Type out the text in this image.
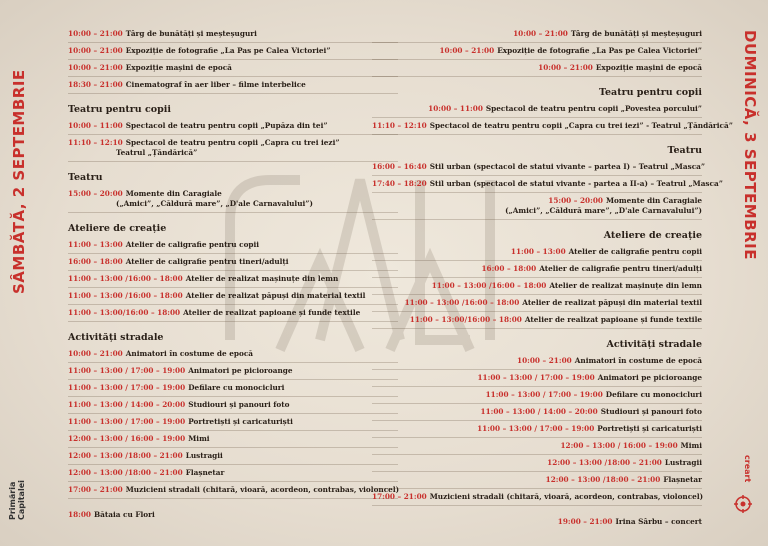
SÂMBĂTĂ, 2 SEPTEMBRIE	DUMINICĂ, 3 SEPTEMBRIE
10:00 – 21:00 Târg de bunătăți și meșteșuguri
10:00 – 21:00 Expoziție de fotografie „La Pas pe Calea Victoriei”
10:00 – 21:00 Expoziție mașini de epocă
18:30 – 21:00 Cinematograf în aer liber – filme interbelice
Teatru pentru copii
10:00 – 11:00 Spectacol de teatru pentru copii „Pupăza din tei”
11:10 – 12:10 Spectacol de teatru pentru copii „Capra cu trei iezi”
Teatrul „Țăndărică”
Teatru
15:00 – 20:00 Momente din Caragiale
(„Amici”, „Căldură mare”, „D'ale Carnavalului”)
Ateliere de creație
11:00 – 13:00 Atelier de caligrafie pentru copii
16:00 – 18:00 Atelier de caligrafie pentru tineri/adulți
11:00 – 13:00 /16:00 – 18:00 Atelier de realizat mașinuțe din lemn
11:00 – 13:00 /16:00 – 18:00 Atelier de realizat păpuși din material textil
11:00 – 13:00/16:00 – 18:00 Atelier de realizat papioane și funde textile
Activități stradale
10:00 – 21:00 Animatori în costume de epocă
11:00 – 13:00 / 17:00 – 19:00 Animatori pe picioroange
11:00 – 13:00 / 17:00 – 19:00 Defilare cu monocicluri
11:00 – 13:00 / 14:00 – 20:00 Studiouri și panouri foto
11:00 – 13:00 / 17:00 – 19:00 Portretiști și caricaturiști
12:00 – 13:00 / 16:00 – 19:00 Mimi
12:00 – 13:00 /18:00 – 21:00 Lustragii
12:00 – 13:00 /18:00 – 21:00 Flașnetar
17:00 – 21:00 Muzicieni stradali (chitară, vioară, acordeon, contrabas, violoncel)
18:00 Bătaia cu Flori
10:00 – 21:00 Târg de bunătăți și meșteșuguri
10:00 – 21:00 Expoziție de fotografie „La Pas pe Calea Victoriei”
10:00 – 21:00 Expoziție mașini de epocă
Teatru pentru copii
10:00 – 11:00 Spectacol de teatru pentru copii „Povestea porcului”
11:10 – 12:10 Spectacol de teatru pentru copii „Capra cu trei iezi” - Teatrul „Țăndărică”
Teatru
16:00 – 16:40 Stil urban (spectacol de statui vivante – partea I) – Teatrul „Masca”
17:40 – 18:20 Stil urban (spectacol de statui vivante - partea a II-a) – Teatrul „Masca”
15:00 – 20:00 Momente din Caragiale
(„Amici”, „Căldură mare”, „D'ale Carnavalului”)
Ateliere de creație
11:00 – 13:00 Atelier de caligrafie pentru copii
16:00 – 18:00 Atelier de caligrafie pentru tineri/adulți
11:00 – 13:00 /16:00 – 18:00 Atelier de realizat mașinuțe din lemn
11:00 – 13:00 /16:00 – 18:00 Atelier de realizat păpuși din material textil
11:00 – 13:00/16:00 – 18:00 Atelier de realizat papioane și funde textile
Activități stradale
10:00 – 21:00 Animatori în costume de epocă
11:00 – 13:00 / 17:00 – 19:00 Animatori pe picioroange
11:00 – 13:00 / 17:00 – 19:00 Defilare cu monocicluri
11:00 – 13:00 / 14:00 – 20:00 Studiouri și panouri foto
11:00 – 13:00 / 17:00 – 19:00 Portretiști și caricaturiști
12:00 – 13:00 / 16:00 – 19:00 Mimi
12:00 – 13:00 /18:00 – 21:00 Lustragii
12:00 – 13:00 /18:00 – 21:00 Flașnetar
17:00 – 21:00 Muzicieni stradali (chitară, vioară, acordeon, contrabas, violoncel)
19:00 – 21:00 Irina Sârbu – concert
Primăria Capitalei
creart
